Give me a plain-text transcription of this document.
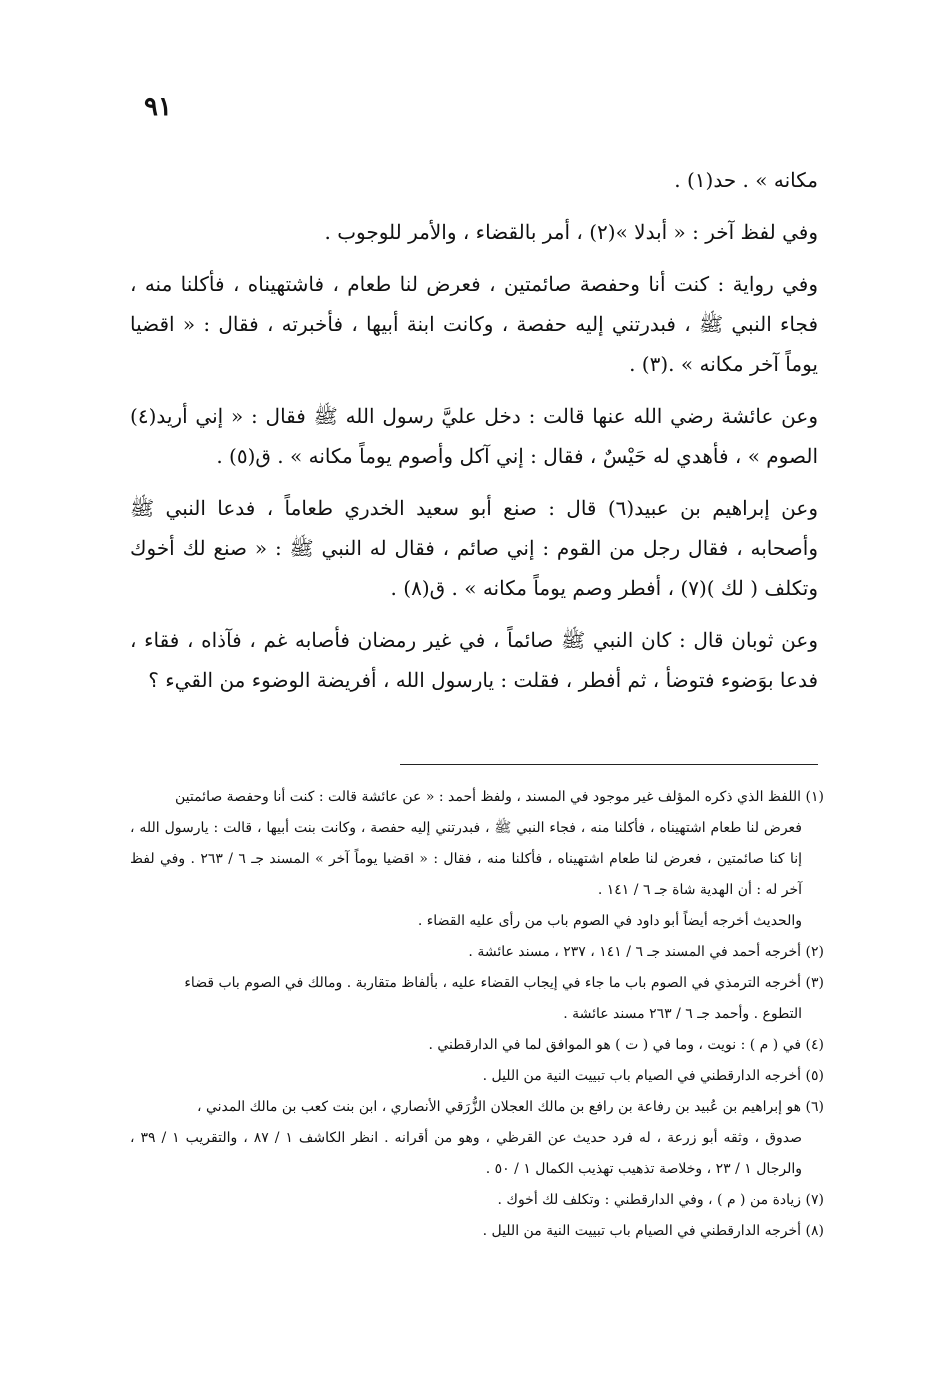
٩١

مكانه » . حد(١) .

وفي لفظ آخر : « أبدلا »(٢) ، أمر بالقضاء ، والأمر للوجوب .

وفي رواية : كنت أنا وحفصة صائمتين ، فعرض لنا طعام ، فاشتهيناه ، فأكلنا منه ، فجاء النبي ﷺ ، فبدرتني إليه حفصة ، وكانت ابنة أبيها ، فأخبرته ، فقال : « اقضيا يوماً آخر مكانه » .(٣) .

وعن عائشة رضي الله عنها قالت : دخل عليَّ رسول الله ﷺ فقال : « إني أريد(٤) الصوم » ، فأهدي له حَيْسٌ ، فقال : إني آكل وأصوم يوماً مكانه » . ق(٥) .

وعن إبراهيم بن عبيد(٦) قال : صنع أبو سعيد الخدري طعاماً ، فدعا النبي ﷺ وأصحابه ، فقال رجل من القوم : إني صائم ، فقال له النبي ﷺ : « صنع لك أخوك وتكلف ( لك )(٧) ، أفطر وصم يوماً مكانه » . ق(٨) .

وعن ثوبان قال : كان النبي ﷺ صائماً ، في غير رمضان فأصابه غم ، فآذاه ، فقاء ، فدعا بوَضوء فتوضأ ، ثم أفطر ، فقلت : يارسول الله ، أفريضة الوضوء من القيء ؟

(١) اللفظ الذي ذكره المؤلف غير موجود في المسند ، ولفظ أحمد : « عن عائشة قالت : كنت أنا وحفصة صائمتين

فعرض لنا طعام اشتهيناه ، فأكلنا منه ، فجاء النبي ﷺ ، فبدرتني إليه حفصة ، وكانت بنت أبيها ، قالت : يارسول الله ، إنا كنا صائمتين ، فعرض لنا طعام اشتهيناه ، فأكلنا منه ، فقال : « اقضيا يوماً آخر » المسند جـ ٦ / ٢٦٣ . وفي لفظ آخر له : أن الهدية شاة جـ ٦ / ١٤١ .

والحديث أخرجه أيضاً أبو داود في الصوم باب من رأى عليه القضاء .

(٢) أخرجه أحمد في المسند جـ ٦ / ١٤١ ، ٢٣٧ ، مسند عائشة .

(٣) أخرجه الترمذي في الصوم باب ما جاء في إيجاب القضاء عليه ، بألفاظ متقاربة . ومالك في الصوم باب قضاء

التطوع . وأحمد جـ ٦ / ٢٦٣ مسند عائشة .

(٤) في ( م ) : نويت ، وما في ( ت ) هو الموافق لما في الدارقطني .

(٥) أخرجه الدارقطني في الصيام باب تبييت النية من الليل .

(٦) هو إبراهيم بن عُبيد بن رفاعة بن رافع بن مالك العجلان الزُّرَقي الأنصاري ، ابن بنت كعب بن مالك المدني ،

صدوق ، وثقه أبو زرعة ، له فرد حديث عن القرظي ، وهو من أقرانه . انظر الكاشف ١ / ٨٧ ، والتقريب ١ / ٣٩ ، والرجال ١ / ٢٣ ، وخلاصة تذهيب تهذيب الكمال ١ / ٥٠ .

(٧) زيادة من ( م ) ، وفي الدارقطني : وتكلف لك أخوك .

(٨) أخرجه الدارقطني في الصيام باب تبييت النية من الليل .
